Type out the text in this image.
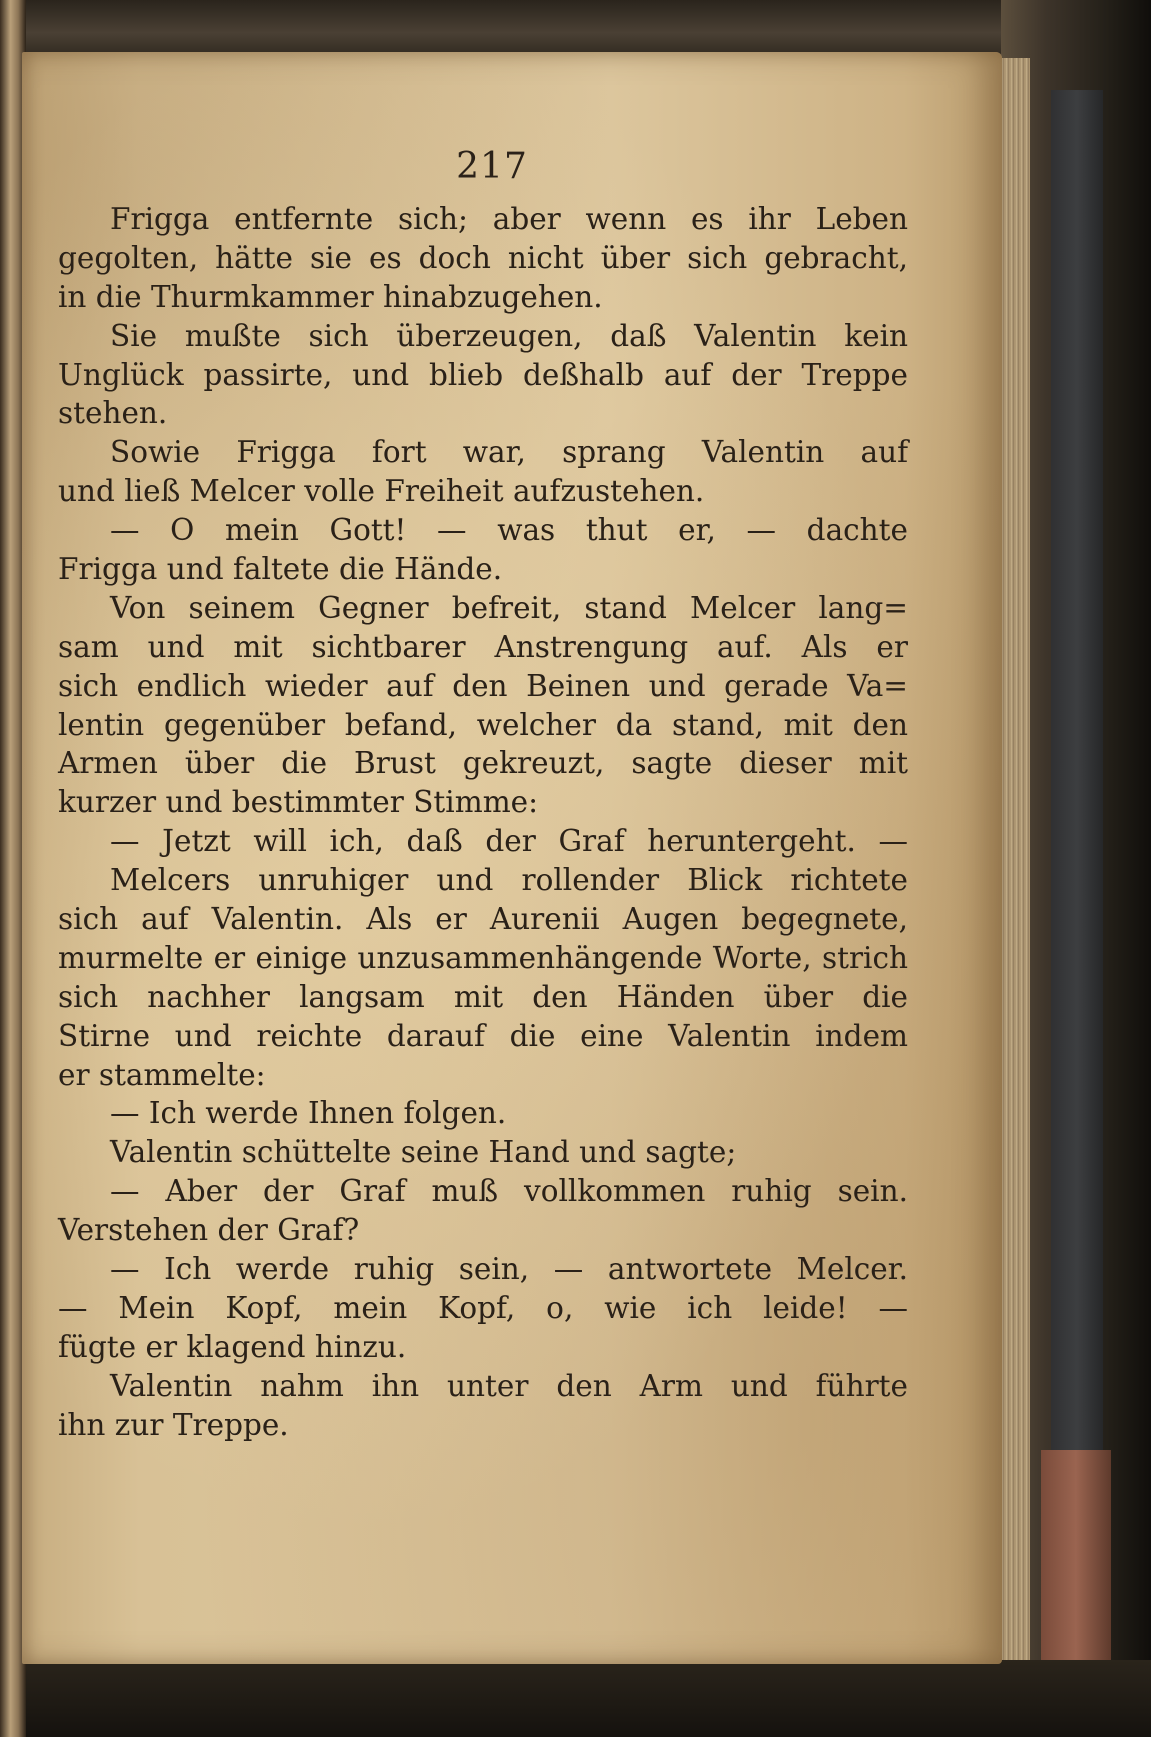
217
Frigga entfernte sich; aber wenn es ihr Leben
gegolten, hätte sie es doch nicht über sich gebracht,
in die Thurmkammer hinabzugehen.
Sie mußte sich überzeugen, daß Valentin kein
Unglück passirte, und blieb deßhalb auf der Treppe
stehen.
Sowie Frigga fort war, sprang Valentin auf
und ließ Melcer volle Freiheit aufzustehen.
— O mein Gott! — was thut er, — dachte
Frigga und faltete die Hände.
Von seinem Gegner befreit, stand Melcer lang=
sam und mit sichtbarer Anstrengung auf. Als er
sich endlich wieder auf den Beinen und gerade Va=
lentin gegenüber befand, welcher da stand, mit den
Armen über die Brust gekreuzt, sagte dieser mit
kurzer und bestimmter Stimme:
— Jetzt will ich, daß der Graf heruntergeht. —
Melcers unruhiger und rollender Blick richtete
sich auf Valentin. Als er Aurenii Augen begegnete,
murmelte er einige unzusammenhängende Worte, strich
sich nachher langsam mit den Händen über die
Stirne und reichte darauf die eine Valentin indem
er stammelte:
— Ich werde Ihnen folgen.
Valentin schüttelte seine Hand und sagte;
— Aber der Graf muß vollkommen ruhig sein.
Verstehen der Graf?
— Ich werde ruhig sein, — antwortete Melcer.
— Mein Kopf, mein Kopf, o, wie ich leide! —
fügte er klagend hinzu.
Valentin nahm ihn unter den Arm und führte
ihn zur Treppe.
